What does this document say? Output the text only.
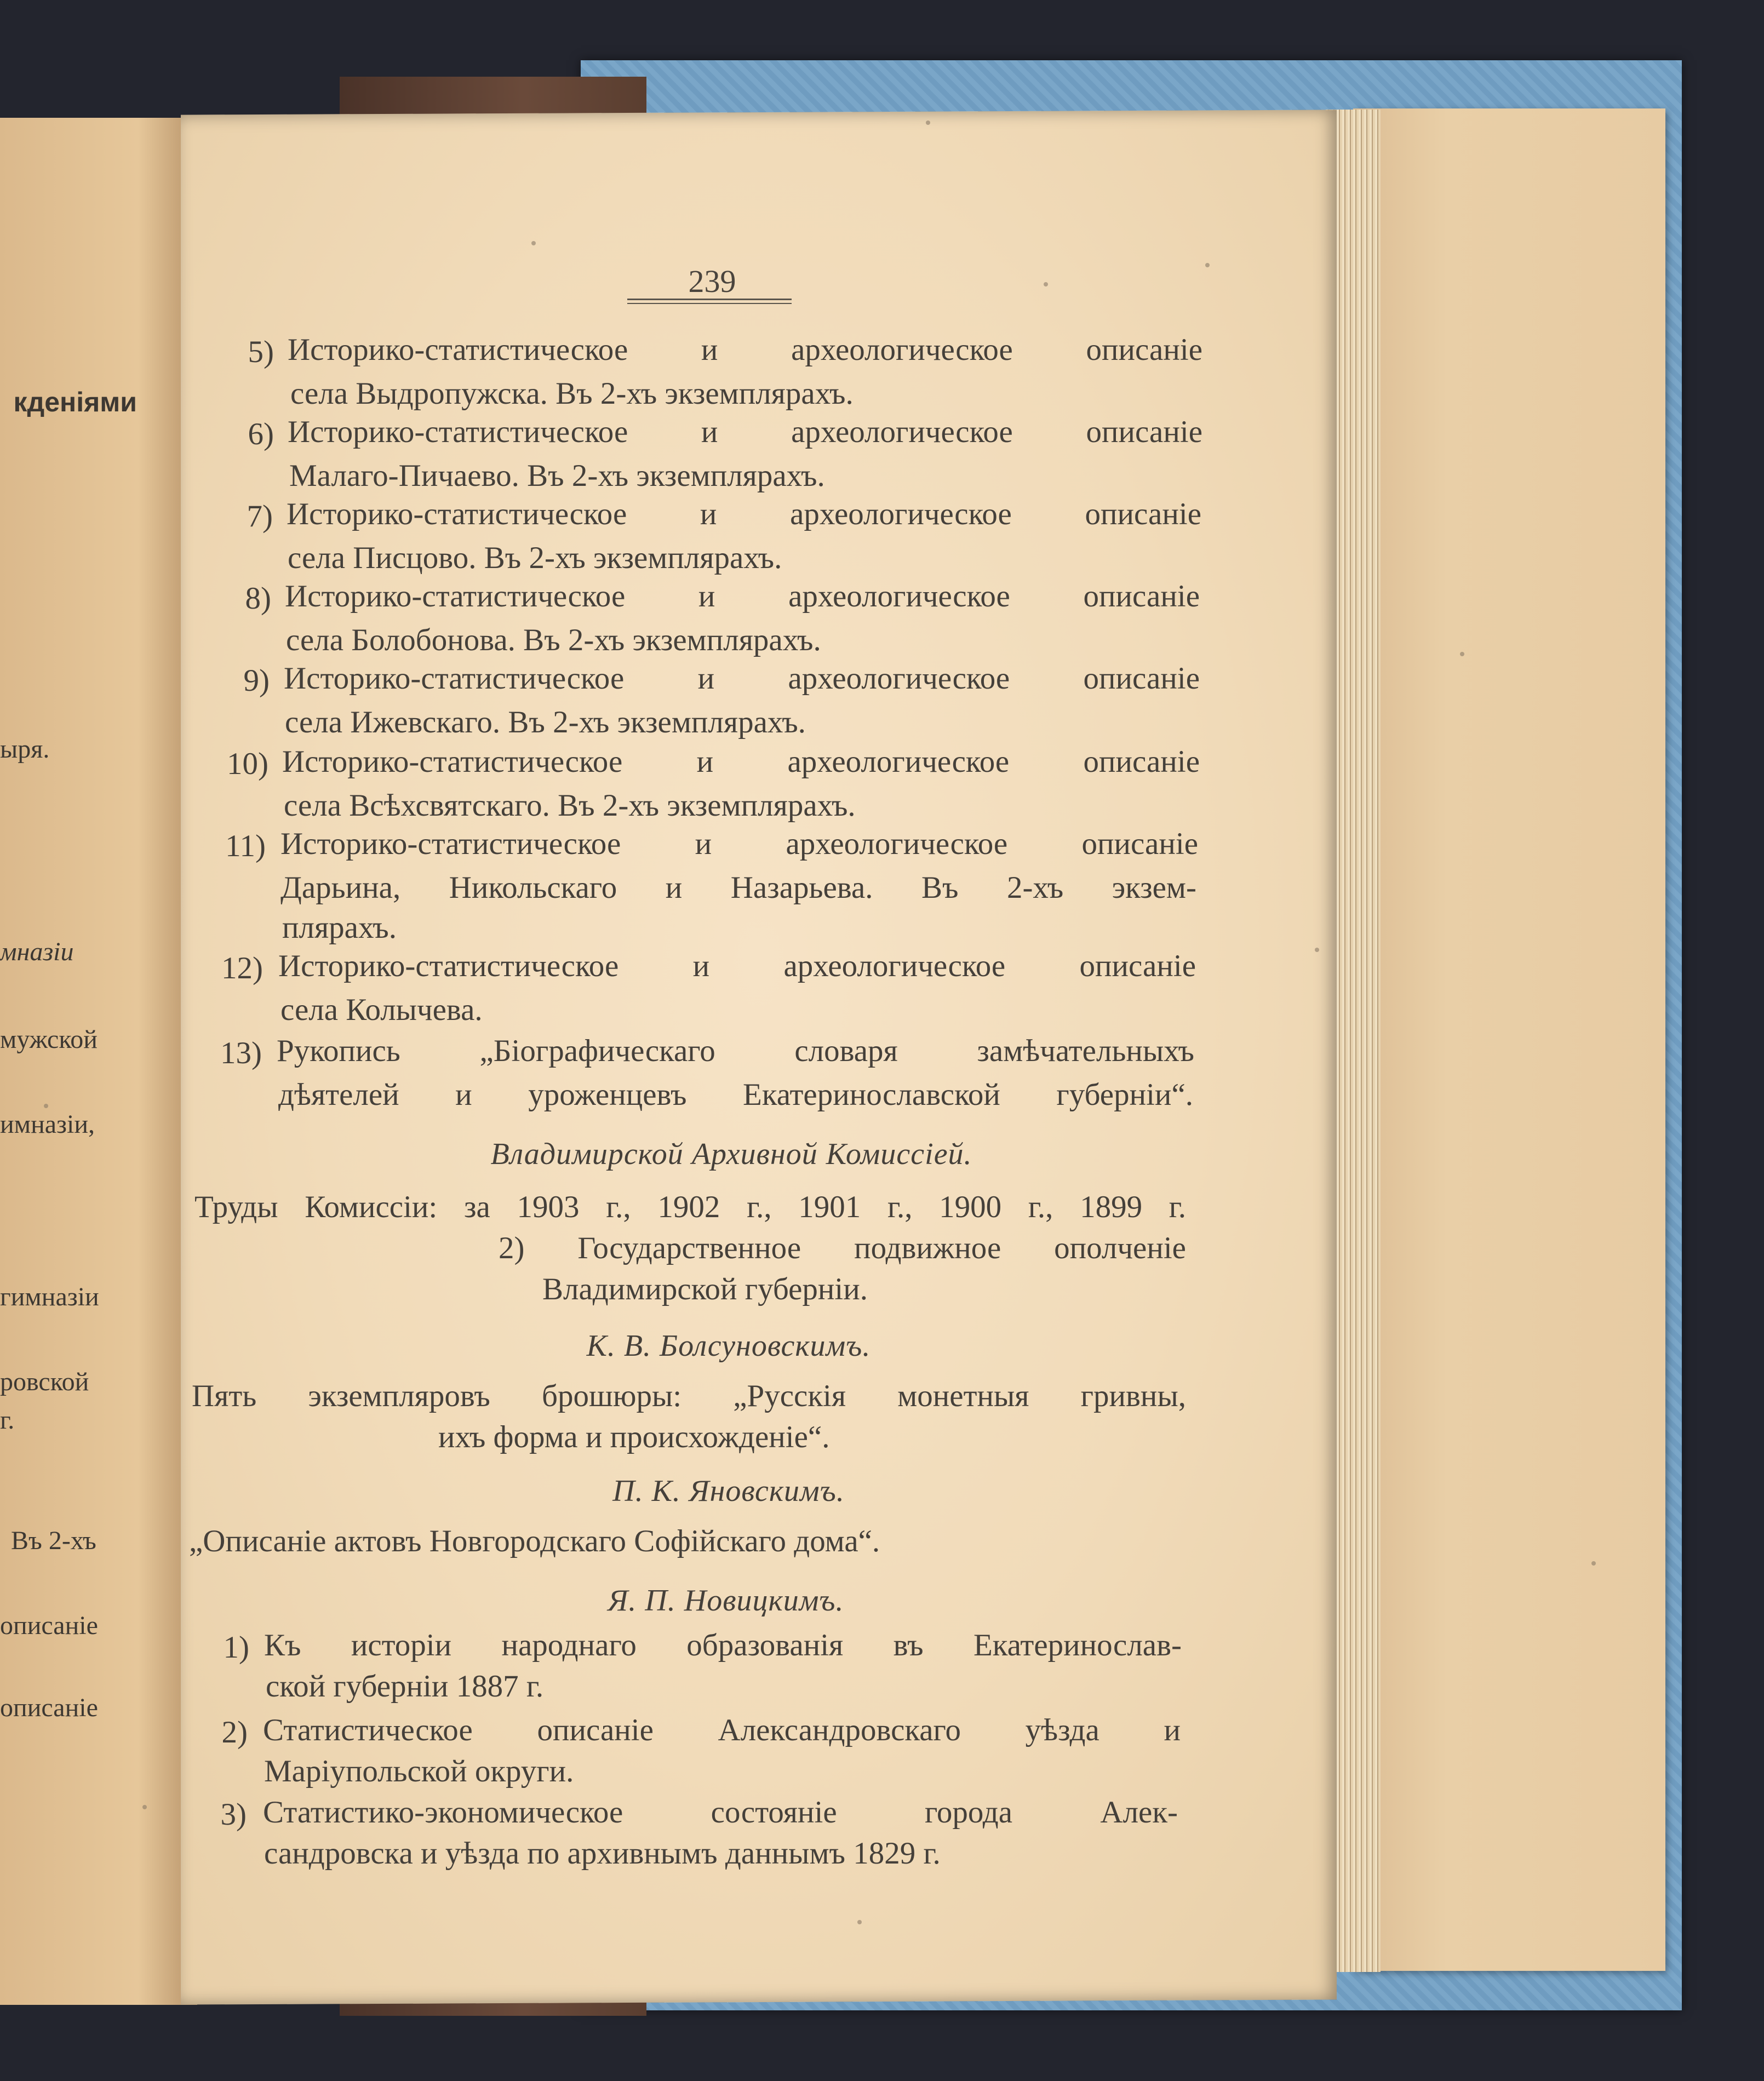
кденіями
ыря.
мназіи
мужской
имназіи,
гимназіи
ровской
г.
Въ 2-хъ
описаніе
описаніе
239
5) Историко-статистическое и археологическое описаніе
села Выдропужска. Въ 2-хъ экземплярахъ.
6) Историко-статистическое и археологическое описаніе
Малаго-Пичаево. Въ 2-хъ экземплярахъ.
7) Историко-статистическое и археологическое описаніе
села Писцово. Въ 2-хъ экземплярахъ.
8) Историко-статистическое и археологическое описаніе
села Болобонова. Въ 2-хъ экземплярахъ.
9) Историко-статистическое и археологическое описаніе
села Ижевскаго. Въ 2-хъ экземплярахъ.
10) Историко-статистическое и археологическое описаніе
села Всѣхсвятскаго. Въ 2-хъ экземплярахъ.
11) Историко-статистическое и археологическое описаніе
Дарьина, Никольскаго и Назарьева. Въ 2-хъ экзем-
плярахъ.
12) Историко-статистическое и археологическое описаніе
села Колычева.
13) Рукопись „Біографическаго словаря замѣчательныхъ
дѣятелей и уроженцевъ Екатеринославской губерніи“.
Владимирской Архивной Комиссіей.
Труды Комиссіи: за 1903 г., 1902 г., 1901 г., 1900 г., 1899 г.
2) Государственное подвижное ополченіе
Владимирской губерніи.
К. В. Болсуновскимъ.
Пять экземпляровъ брошюры: „Русскія монетныя гривны,
ихъ форма и происхожденіе“.
П. К. Яновскимъ.
„Описаніе актовъ Новгородскаго Софійскаго дома“.
Я. П. Новицкимъ.
1) Къ исторіи народнаго образованія въ Екатеринослав-
ской губерніи 1887 г.
2) Статистическое описаніе Александровскаго уѣзда и
Маріупольской округи.
3) Статистико-экономическое состояніе города Алек-
сандровска и уѣзда по архивнымъ даннымъ 1829 г.
